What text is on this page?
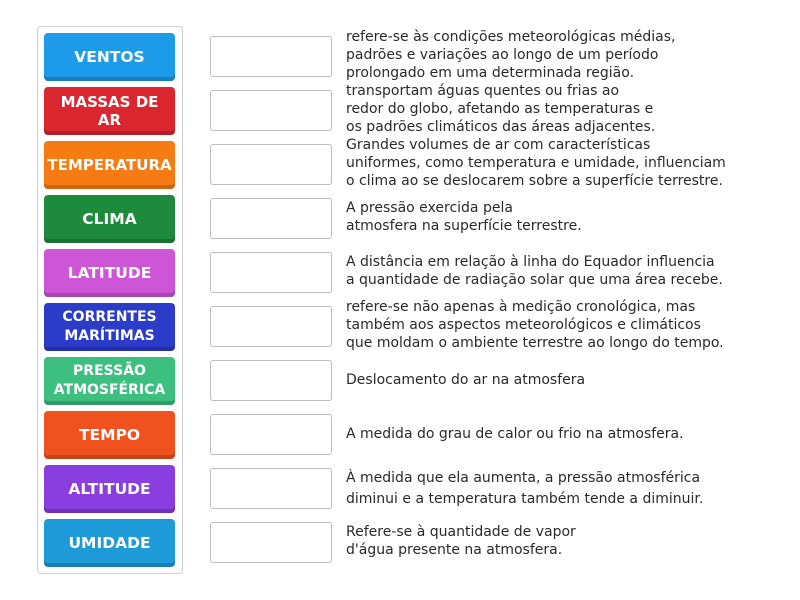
VENTOS
MASSAS DE AR
TEMPERATURA
CLIMA
LATITUDE
CORRENTES MARÍTIMAS
PRESSÃO ATMOSFÉRICA
TEMPO
ALTITUDE
UMIDADE
refere-se às condições meteorológicas médias,
padrões e variações ao longo de um período
prolongado em uma determinada região.
transportam águas quentes ou frias ao
redor do globo, afetando as temperaturas e
os padrões climáticos das áreas adjacentes.
Grandes volumes de ar com características
uniformes, como temperatura e umidade, influenciam
o clima ao se deslocarem sobre a superfície terrestre.
A pressão exercida pela
atmosfera na superfície terrestre.
A distância em relação à linha do Equador influencia
a quantidade de radiação solar que uma área recebe.
refere-se não apenas à medição cronológica, mas
também aos aspectos meteorológicos e climáticos
que moldam o ambiente terrestre ao longo do tempo.
Deslocamento do ar na atmosfera
A medida do grau de calor ou frio na atmosfera.
À medida que ela aumenta, a pressão atmosférica
diminui e a temperatura também tende a diminuir.
Refere-se à quantidade de vapor
d'água presente na atmosfera.
